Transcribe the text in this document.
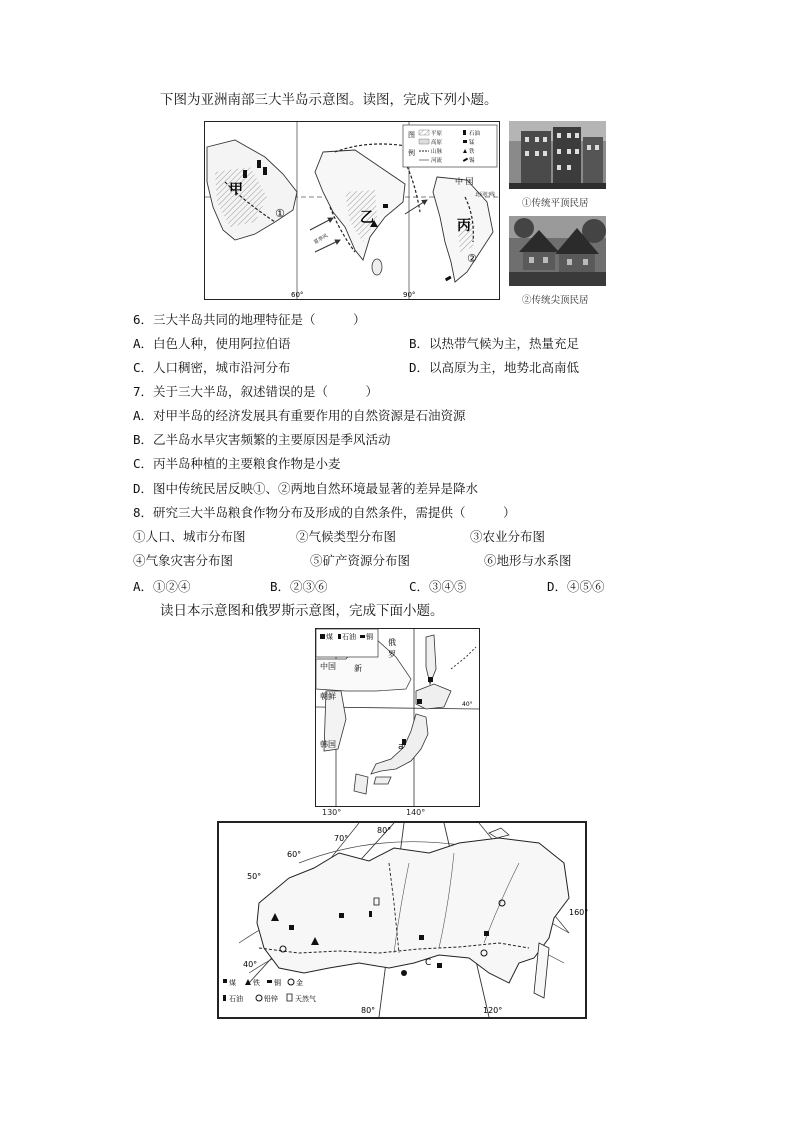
下图为亚洲南部三大半岛示意图。读图，完成下列小题。
图
例
平原
高原
山脉
河流
石油
锰
铁
锡
甲
①	乙	丙
②
中 国
北回归线
60°	90°
夏季风
①传统平顶民居
②传统尖顶民居
6．三大半岛共同的地理特征是（　　　）
A．白色人种，使用阿拉伯语	B．以热带气候为主，热量充足
C．人口稠密，城市沿河分布	D．以高原为主，地势北高南低
7．关于三大半岛，叙述错误的是（　　　）
A．对甲半岛的经济发展具有重要作用的自然资源是石油资源
B．乙半岛水旱灾害频繁的主要原因是季风活动
C．丙半岛种植的主要粮食作物是小麦
D．图中传统民居反映①、②两地自然环境最显著的差异是降水
8．研究三大半岛粮食作物分布及形成的自然条件，需提供（　　　）
①人口、城市分布图	②气候类型分布图	③农业分布图
④气象灾害分布图	⑤矿产资源分布图	⑥地形与水系图
A．①②④	B．②③⑥	C．③④⑤	D．④⑤⑥
读日本示意图和俄罗斯示意图，完成下面小题。
煤 石油 铜
俄
罗
中国 新
朝鲜
韩国	a
40°
130°	140°
煤 铁 铜 金
石油	铅锌 天然气
50°
60°
70°
80°
40°
80°	120°
160°
C
